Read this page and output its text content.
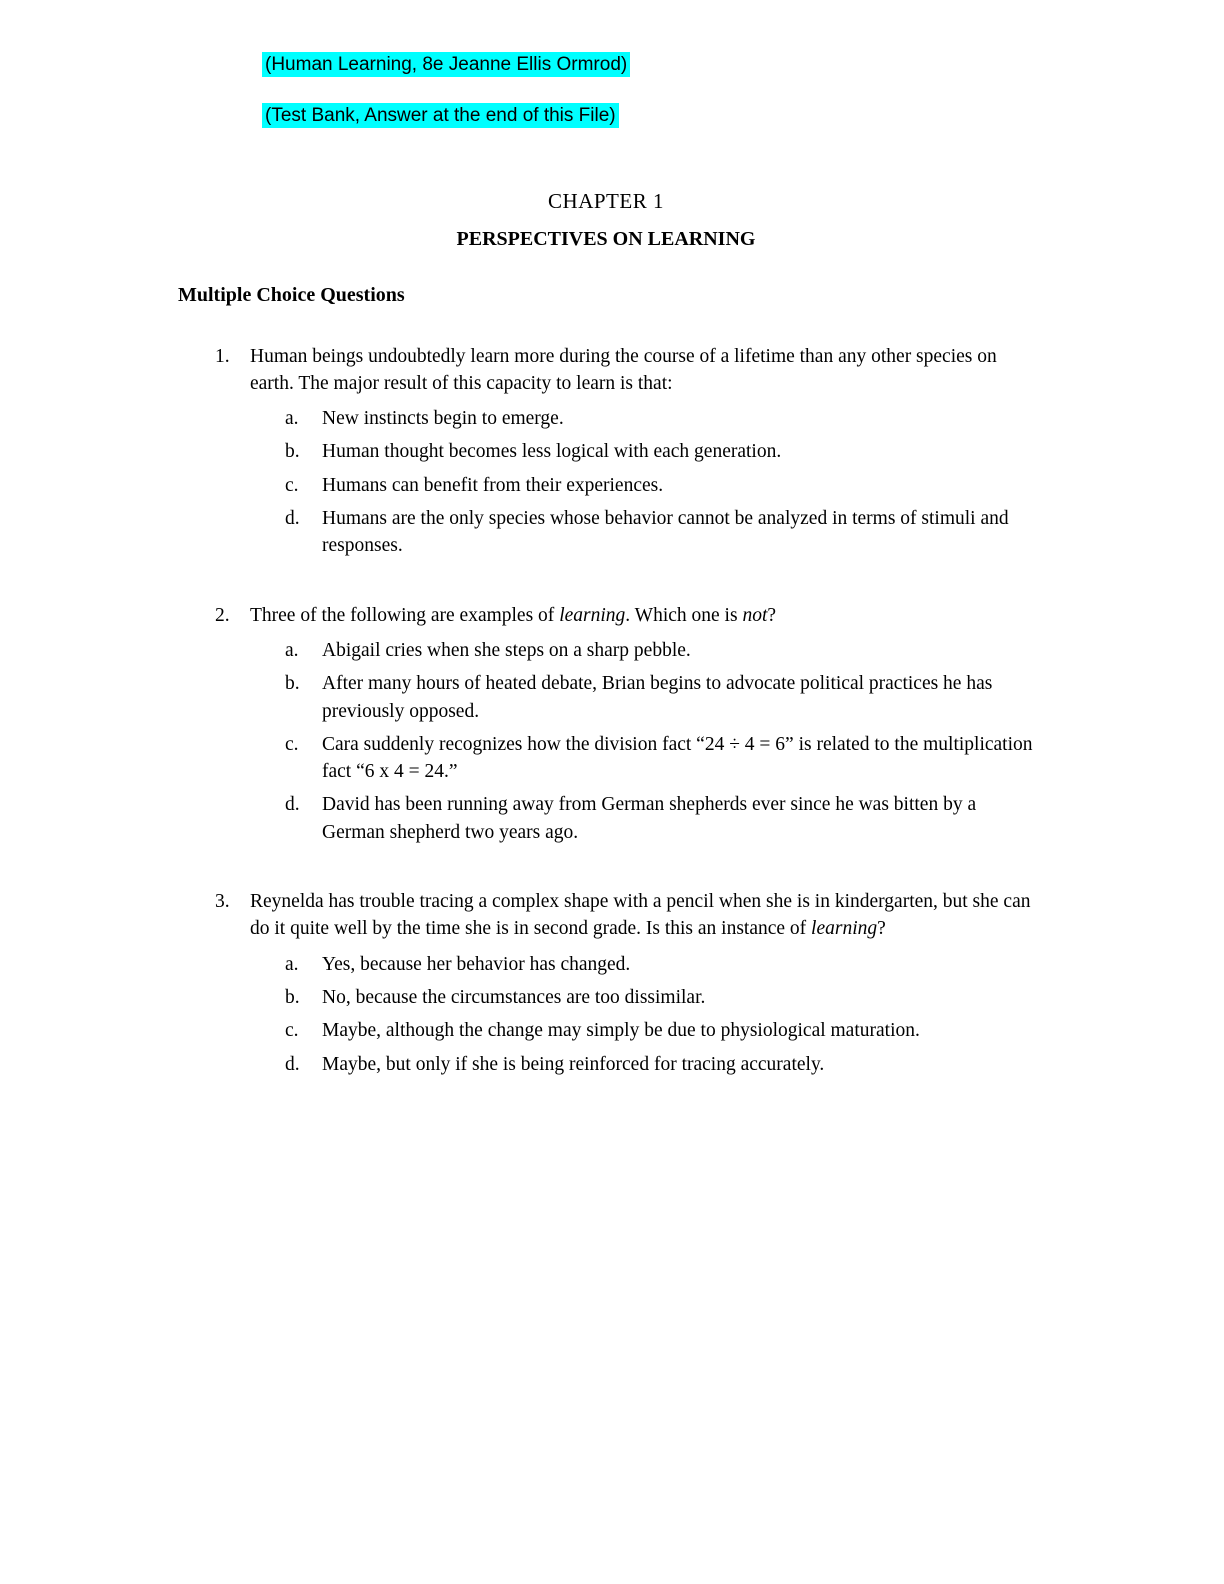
(Human Learning, 8e Jeanne Ellis Ormrod)
(Test Bank, Answer at the end of this File)
CHAPTER 1
PERSPECTIVES ON LEARNING
Multiple Choice Questions
1.	Human beings undoubtedly learn more during the course of a lifetime than any other species on earth. The major result of this capacity to learn is that:
a.	New instincts begin to emerge.
b.	Human thought becomes less logical with each generation.
c.	Humans can benefit from their experiences.
d.	Humans are the only species whose behavior cannot be analyzed in terms of stimuli and responses.
2.	Three of the following are examples of learning. Which one is not?
a.	Abigail cries when she steps on a sharp pebble.
b.	After many hours of heated debate, Brian begins to advocate political practices he has previously opposed.
c.	Cara suddenly recognizes how the division fact “24 ÷ 4 = 6” is related to the multiplication fact “6 x 4 = 24.”
d.	David has been running away from German shepherds ever since he was bitten by a German shepherd two years ago.
3.	Reynelda has trouble tracing a complex shape with a pencil when she is in kindergarten, but she can do it quite well by the time she is in second grade. Is this an instance of learning?
a.	Yes, because her behavior has changed.
b.	No, because the circumstances are too dissimilar.
c.	Maybe, although the change may simply be due to physiological maturation.
d.	Maybe, but only if she is being reinforced for tracing accurately.
